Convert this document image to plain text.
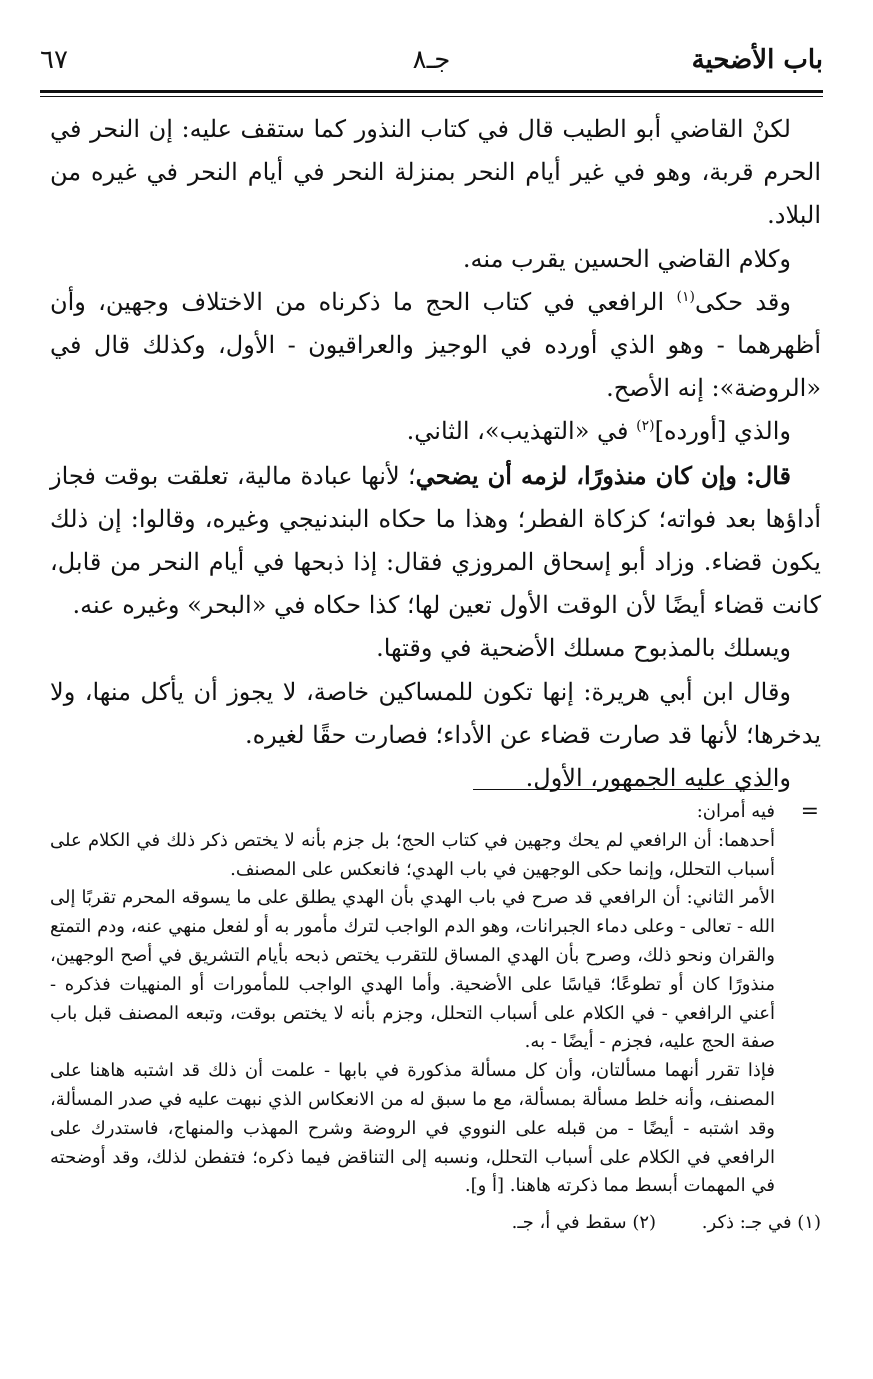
باب الأضحية
جـ٨
٦٧

لكنْ القاضي أبو الطيب قال في كتاب النذور كما ستقف عليه: إن النحر في الحرم قربة، وهو في غير أيام النحر بمنزلة النحر في أيام النحر في غيره من البلاد.

وكلام القاضي الحسين يقرب منه.

وقد حكى$^{(١)}$ الرافعي في كتاب الحج ما ذكرناه من الاختلاف وجهين، وأن أظهرهما - وهو الذي أورده في الوجيز والعراقيون - الأول، وكذلك قال في «الروضة»: إنه الأصح.

والذي [أورده]$^{(٢)}$ في «التهذيب»، الثاني.

قال: وإن كان منذورًا، لزمه أن يضحي؛ لأنها عبادة مالية، تعلقت بوقت فجاز أداؤها بعد فواته؛ كزكاة الفطر؛ وهذا ما حكاه البندنيجي وغيره، وقالوا: إن ذلك يكون قضاء. وزاد أبو إسحاق المروزي فقال: إذا ذبحها في أيام النحر من قابل، كانت قضاء أيضًا لأن الوقت الأول تعين لها؛ كذا حكاه في «البحر» وغيره عنه.

ويسلك بالمذبوح مسلك الأضحية في وقتها.

وقال ابن أبي هريرة: إنها تكون للمساكين خاصة، لا يجوز أن يأكل منها، ولا يدخرها؛ لأنها قد صارت قضاء عن الأداء؛ فصارت حقًا لغيره.

والذي عليه الجمهور، الأول.

=

فيه أمران:

أحدهما: أن الرافعي لم يحك وجهين في كتاب الحج؛ بل جزم بأنه لا يختص ذكر ذلك في الكلام على أسباب التحلل، وإنما حكى الوجهين في باب الهدي؛ فانعكس على المصنف.

الأمر الثاني: أن الرافعي قد صرح في باب الهدي بأن الهدي يطلق على ما يسوقه المحرم تقربًا إلى الله - تعالى - وعلى دماء الجبرانات، وهو الدم الواجب لترك مأمور به أو لفعل منهي عنه، ودم التمتع والقران ونحو ذلك، وصرح بأن الهدي المساق للتقرب يختص ذبحه بأيام التشريق في أصح الوجهين، منذورًا كان أو تطوعًا؛ قياسًا على الأضحية. وأما الهدي الواجب للمأمورات أو المنهيات فذكره - أعني الرافعي - في الكلام على أسباب التحلل، وجزم بأنه لا يختص بوقت، وتبعه المصنف قبل باب صفة الحج عليه، فجزم - أيضًا - به.

فإذا تقرر أنهما مسألتان، وأن كل مسألة مذكورة في بابها - علمت أن ذلك قد اشتبه هاهنا على المصنف، وأنه خلط مسألة بمسألة، مع ما سبق له من الانعكاس الذي نبهت عليه في صدر المسألة، وقد اشتبه - أيضًا - من قبله على النووي في الروضة وشرح المهذب والمنهاج، فاستدرك على الرافعي في الكلام على أسباب التحلل، ونسبه إلى التناقض فيما ذكره؛ فتفطن لذلك، وقد أوضحته في المهمات أبسط مما ذكرته هاهنا. [أ و].

(١) في جـ: ذكر. (٢) سقط في أ، جـ.
